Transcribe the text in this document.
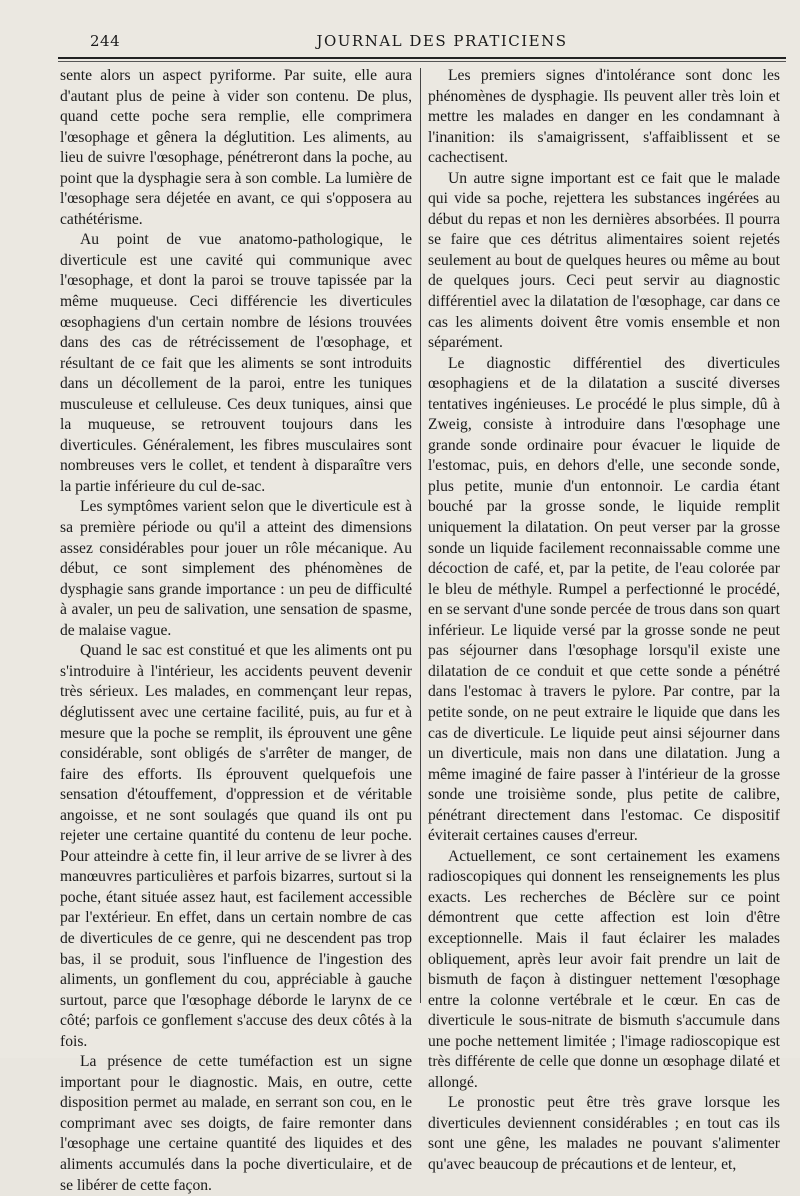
244	JOURNAL DES PRATICIENS

sente alors un aspect pyriforme. Par suite, elle aura d'autant plus de peine à vider son contenu. De plus, quand cette poche sera remplie, elle comprimera l'œsophage et gênera la déglutition. Les aliments, au lieu de suivre l'œsophage, pénétreront dans la poche, au point que la dysphagie sera à son comble. La lumière de l'œsophage sera déjetée en avant, ce qui s'opposera au cathétérisme.

Au point de vue anatomo-pathologique, le diverticule est une cavité qui communique avec l'œsophage, et dont la paroi se trouve tapissée par la même muqueuse. Ceci différencie les diverticules œsophagiens d'un certain nombre de lésions trouvées dans des cas de rétrécissement de l'œsophage, et résultant de ce fait que les aliments se sont introduits dans un décollement de la paroi, entre les tuniques musculeuse et celluleuse. Ces deux tuniques, ainsi que la muqueuse, se retrouvent toujours dans les diverticules. Généralement, les fibres musculaires sont nombreuses vers le collet, et tendent à disparaître vers la partie inférieure du cul de-sac.

Les symptômes varient selon que le diverticule est à sa première période ou qu'il a atteint des dimensions assez considérables pour jouer un rôle mécanique. Au début, ce sont simplement des phénomènes de dysphagie sans grande importance : un peu de difficulté à avaler, un peu de salivation, une sensation de spasme, de malaise vague.

Quand le sac est constitué et que les aliments ont pu s'introduire à l'intérieur, les accidents peuvent devenir très sérieux. Les malades, en commençant leur repas, déglutissent avec une certaine facilité, puis, au fur et à mesure que la poche se remplit, ils éprouvent une gêne considérable, sont obligés de s'arrêter de manger, de faire des efforts. Ils éprouvent quelquefois une sensation d'étouffement, d'oppression et de véritable angoisse, et ne sont soulagés que quand ils ont pu rejeter une certaine quantité du contenu de leur poche. Pour atteindre à cette fin, il leur arrive de se livrer à des manœuvres particulières et parfois bizarres, surtout si la poche, étant située assez haut, est facilement accessible par l'extérieur. En effet, dans un certain nombre de cas de diverticules de ce genre, qui ne descendent pas trop bas, il se produit, sous l'influence de l'ingestion des aliments, un gonflement du cou, appréciable à gauche surtout, parce que l'œsophage déborde le larynx de ce côté; parfois ce gonflement s'accuse des deux côtés à la fois.

La présence de cette tuméfaction est un signe important pour le diagnostic. Mais, en outre, cette disposition permet au malade, en serrant son cou, en le comprimant avec ses doigts, de faire remonter dans l'œsophage une certaine quantité des liquides et des aliments accumulés dans la poche diverticulaire, et de se libérer de cette façon.

Les premiers signes d'intolérance sont donc les phénomènes de dysphagie. Ils peuvent aller très loin et mettre les malades en danger en les condamnant à l'inanition: ils s'amaigrissent, s'affaiblissent et se cachectisent.

Un autre signe important est ce fait que le malade qui vide sa poche, rejettera les substances ingérées au début du repas et non les dernières absorbées. Il pourra se faire que ces détritus alimentaires soient rejetés seulement au bout de quelques heures ou même au bout de quelques jours. Ceci peut servir au diagnostic différentiel avec la dilatation de l'œsophage, car dans ce cas les aliments doivent être vomis ensemble et non séparément.

Le diagnostic différentiel des diverticules œsophagiens et de la dilatation a suscité diverses tentatives ingénieuses. Le procédé le plus simple, dû à Zweig, consiste à introduire dans l'œsophage une grande sonde ordinaire pour évacuer le liquide de l'estomac, puis, en dehors d'elle, une seconde sonde, plus petite, munie d'un entonnoir. Le cardia étant bouché par la grosse sonde, le liquide remplit uniquement la dilatation. On peut verser par la grosse sonde un liquide facilement reconnaissable comme une décoction de café, et, par la petite, de l'eau colorée par le bleu de méthyle. Rumpel a perfectionné le procédé, en se servant d'une sonde percée de trous dans son quart inférieur. Le liquide versé par la grosse sonde ne peut pas séjourner dans l'œsophage lorsqu'il existe une dilatation de ce conduit et que cette sonde a pénétré dans l'estomac à travers le pylore. Par contre, par la petite sonde, on ne peut extraire le liquide que dans les cas de diverticule. Le liquide peut ainsi séjourner dans un diverticule, mais non dans une dilatation. Jung a même imaginé de faire passer à l'intérieur de la grosse sonde une troisième sonde, plus petite de calibre, pénétrant directement dans l'estomac. Ce dispositif éviterait certaines causes d'erreur.

Actuellement, ce sont certainement les examens radioscopiques qui donnent les renseignements les plus exacts. Les recherches de Béclère sur ce point démontrent que cette affection est loin d'être exceptionnelle. Mais il faut éclairer les malades obliquement, après leur avoir fait prendre un lait de bismuth de façon à distinguer nettement l'œsophage entre la colonne vertébrale et le cœur. En cas de diverticule le sous-nitrate de bismuth s'accumule dans une poche nettement limitée ; l'image radioscopique est très différente de celle que donne un œsophage dilaté et allongé.

Le pronostic peut être très grave lorsque les diverticules deviennent considérables ; en tout cas ils sont une gêne, les malades ne pouvant s'alimenter qu'avec beaucoup de précautions et de lenteur, et,
